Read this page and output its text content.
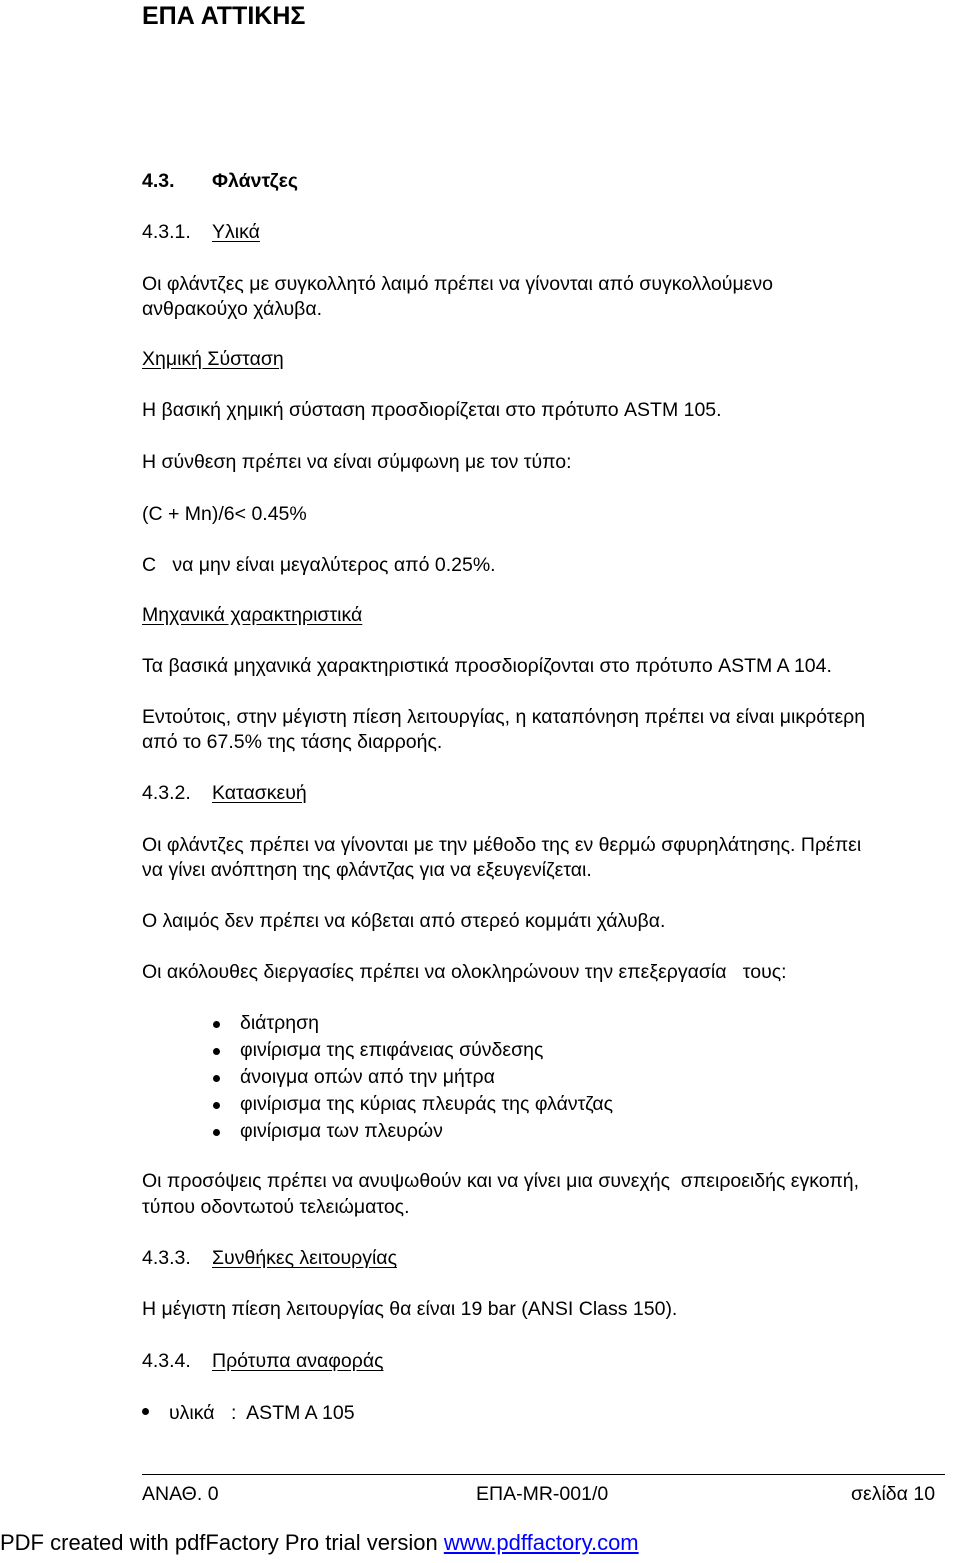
ΕΠΑ ΑΤΤΙΚΗΣ
4.3. Φλάντζες
4.3.1. Υλικά
Οι φλάντζες με συγκολλητό λαιμό πρέπει να γίνονται από συγκολλούμενο
ανθρακούχο χάλυβα.
Χημική Σύσταση
Η βασική χημική σύσταση προσδιορίζεται στο πρότυπο ASTM 105.
Η σύνθεση πρέπει να είναι σύμφωνη με τον τύπο:
(C + Mn)/6< 0.45%
C   να μην είναι μεγαλύτερος από 0.25%.
Μηχανικά χαρακτηριστικά
Τα βασικά μηχανικά χαρακτηριστικά προσδιορίζονται στο πρότυπο ASTM A 104.
Εντούτοις, στην μέγιστη πίεση λειτουργίας, η καταπόνηση πρέπει να είναι μικρότερη
από το 67.5% της τάσης διαρροής.
4.3.2. Κατασκευή
Οι φλάντζες πρέπει να γίνονται με την μέθοδο της εν θερμώ σφυρηλάτησης. Πρέπει
να γίνει ανόπτηση της φλάντζας για να εξευγενίζεται.
Ο λαιμός δεν πρέπει να κόβεται από στερεό κομμάτι χάλυβα.
Οι ακόλουθες διεργασίες πρέπει να ολοκληρώνουν την επεξεργασία   τους:
διάτρηση
φινίρισμα της επιφάνειας σύνδεσης
άνοιγμα οπών από την μήτρα
φινίρισμα της κύριας πλευράς της φλάντζας
φινίρισμα των πλευρών
Οι προσόψεις πρέπει να ανυψωθούν και να γίνει μια συνεχής  σπειροειδής εγκοπή,
τύπου οδοντωτού τελειώματος.
4.3.3. Συνθήκες λειτουργίας
Η μέγιστη πίεση λειτουργίας θα είναι 19 bar (ANSI Class 150).
4.3.4. Πρότυπα αναφοράς
υλικά :  ASTM A 105
ΑΝΑΘ. 0	ΕΠΑ-MR-001/0	σελίδα 10
PDF created with pdfFactory Pro trial version www.pdffactory.com
